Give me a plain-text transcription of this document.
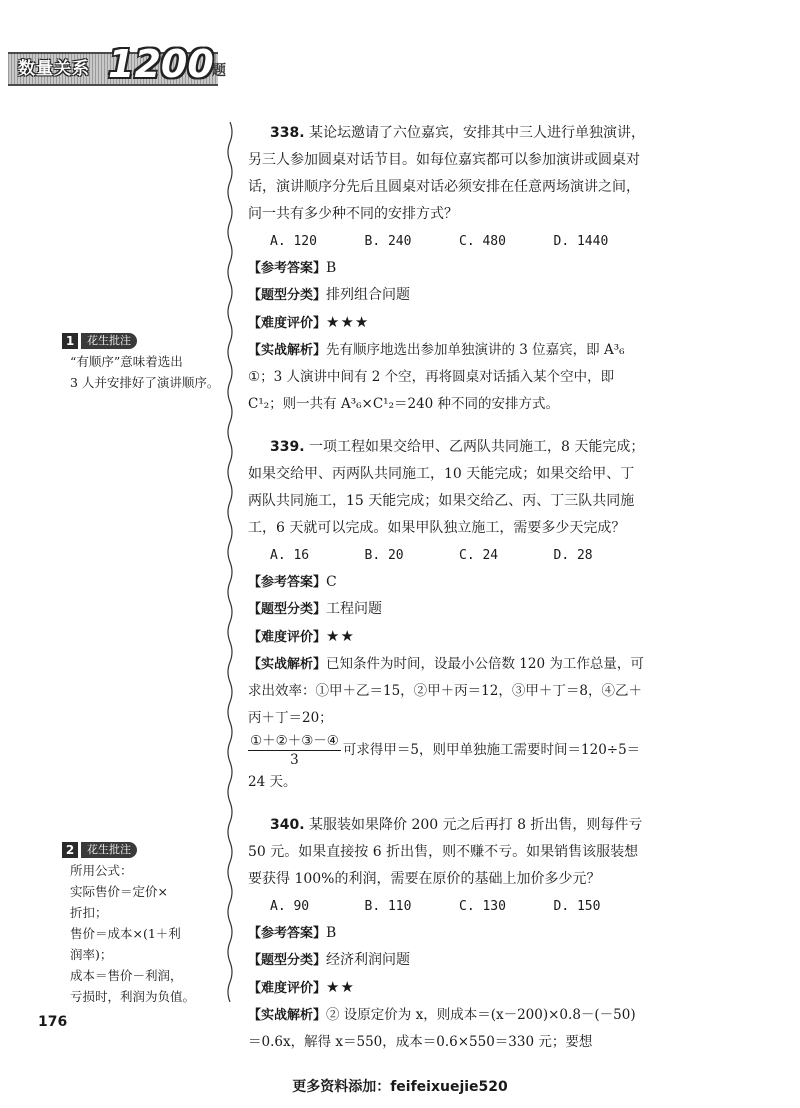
数量关系 1200
题
1	花生批注

“有顺序”意味着选出

3 人并安排好了演讲顺序。

2	花生批注

所用公式：

实际售价＝定价×

折扣；

售价＝成本×(1＋利

润率)；

成本＝售价－利润，

亏损时，利润为负值。

338. 某论坛邀请了六位嘉宾，安排其中三人进行单独演讲，另三人参加圆桌对话节目。如每位嘉宾都可以参加演讲或圆桌对话，演讲顺序分先后且圆桌对话必须安排在任意两场演讲之间，问一共有多少种不同的安排方式？

A. 120	B. 240	C. 480	D. 1440

【参考答案】B

【题型分类】排列组合问题

【难度评价】★★★

【实战解析】先有顺序地选出参加单独演讲的 3 位嘉宾，即 A³₆ ①；3 人演讲中间有 2 个空，再将圆桌对话插入某个空中，即 C¹₂；则一共有 A³₆×C¹₂＝240 种不同的安排方式。

339. 一项工程如果交给甲、乙两队共同施工，8 天能完成；如果交给甲、丙两队共同施工，10 天能完成；如果交给甲、丁两队共同施工，15 天能完成；如果交给乙、丙、丁三队共同施工，6 天就可以完成。如果甲队独立施工，需要多少天完成？

A. 16	B. 20	C. 24	D. 28

【参考答案】C

【题型分类】工程问题

【难度评价】★★

【实战解析】已知条件为时间，设最小公倍数 120 为工作总量，可求出效率：①甲＋乙＝15，②甲＋丙＝12，③甲＋丁＝8，④乙＋丙＋丁＝20；

$\frac{\text{①＋②＋③－④}}{3}$ 可求得甲＝5，则甲单独施工需要时间＝120÷5＝24 天。

340. 某服装如果降价 200 元之后再打 8 折出售，则每件亏 50 元。如果直接按 6 折出售，则不赚不亏。如果销售该服装想要获得 100%的利润，需要在原价的基础上加价多少元？

A. 90	B. 110	C. 130	D. 150

【参考答案】B

【题型分类】经济利润问题

【难度评价】★★

【实战解析】② 设原定价为 x，则成本＝(x－200)×0.8－(－50)＝0.6x，解得 x＝550，成本＝0.6×550＝330 元；要想

176
更多资料添加：feifeixuejie520
